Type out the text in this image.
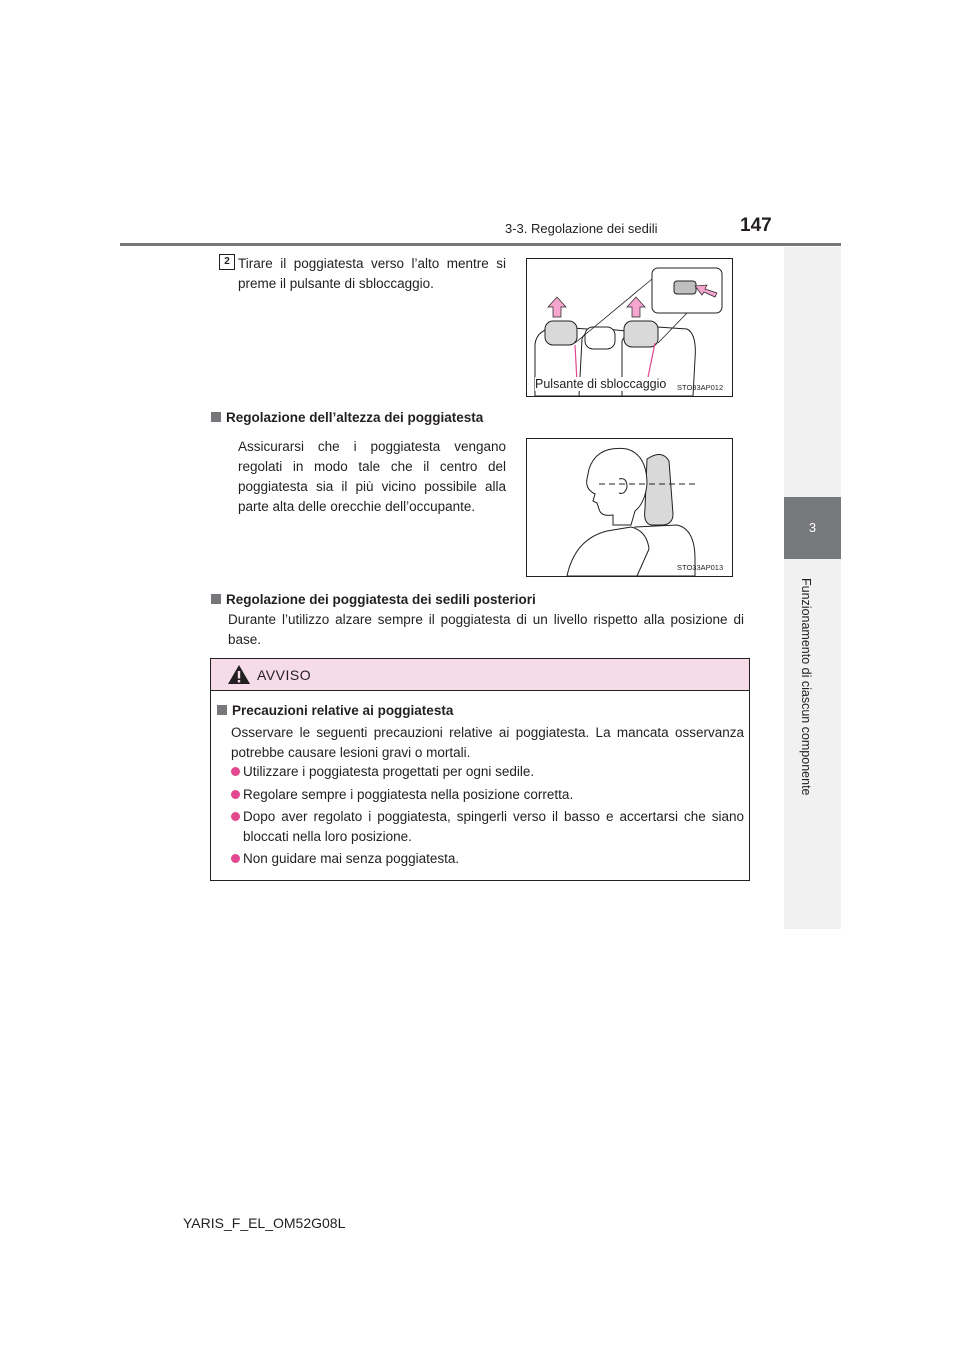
3-3. Regolazione dei sedili	147
3
Funzionamento di ciascun componente
2 Tirare il poggiatesta verso l’alto mentre si preme il pulsante di sbloccaggio.
Pulsante di sbloccaggio STO33AP012
Regolazione dell’altezza dei poggiatesta
Assicurarsi che i poggiatesta vengano regolati in modo tale che il centro del poggiatesta sia il più vicino possibile alla parte alta delle orecchie dell’occupante.
STO33AP013
Regolazione dei poggiatesta dei sedili posteriori
Durante l’utilizzo alzare sempre il poggiatesta di un livello rispetto alla posizione di base.
AVVISO
Precauzioni relative ai poggiatesta
Osservare le seguenti precauzioni relative ai poggiatesta. La mancata osservanza potrebbe causare lesioni gravi o mortali.
Utilizzare i poggiatesta progettati per ogni sedile.
Regolare sempre i poggiatesta nella posizione corretta.
Dopo aver regolato i poggiatesta, spingerli verso il basso e accertarsi che siano bloccati nella loro posizione.
Non guidare mai senza poggiatesta.
YARIS_F_EL_OM52G08L
